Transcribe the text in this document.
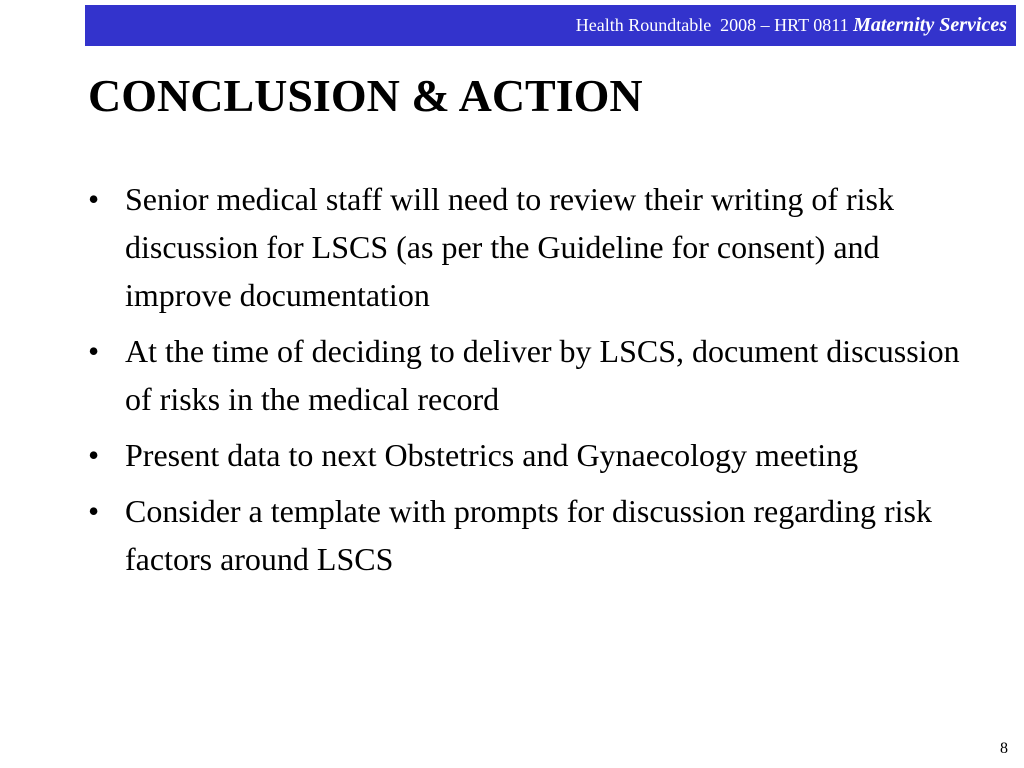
Health Roundtable  2008 – HRT 0811 Maternity Services
CONCLUSION & ACTION
• Senior medical staff will need to review their writing of risk discussion for LSCS (as per the Guideline for consent) and improve documentation
• At the time of deciding to deliver by LSCS, document discussion of risks in the medical record
• Present data to next Obstetrics and Gynaecology meeting
• Consider a template with prompts for discussion regarding risk factors around LSCS
8
